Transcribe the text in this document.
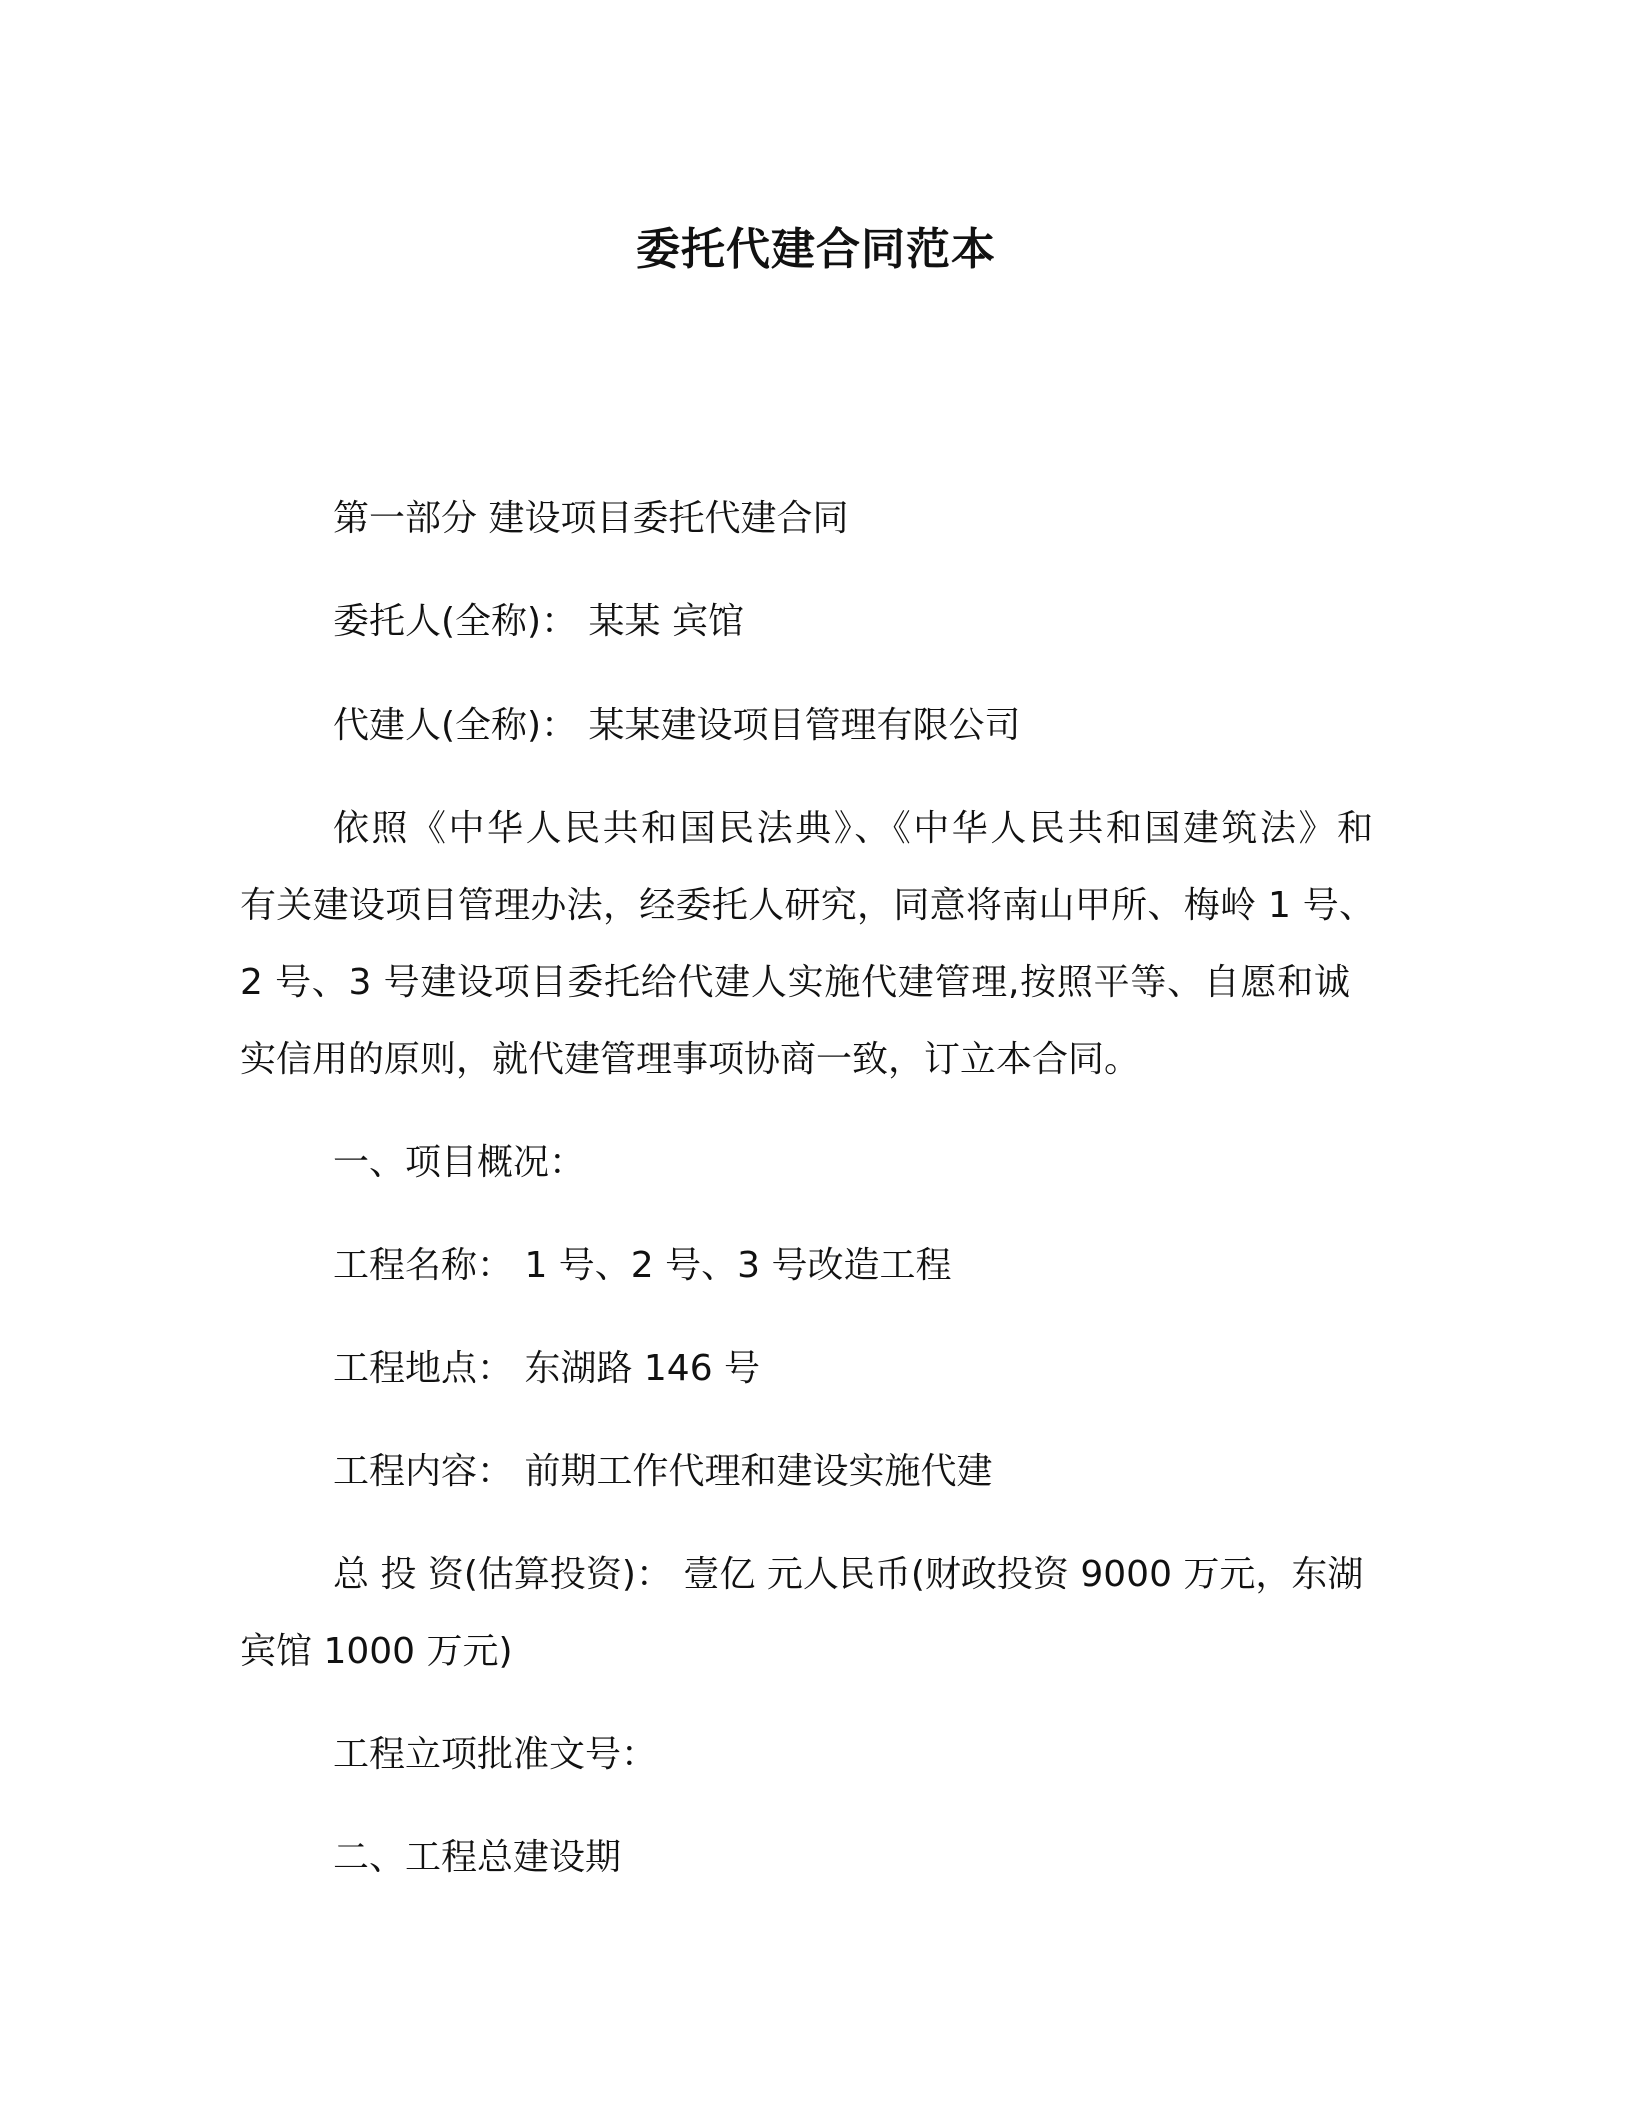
委托代建合同范本
第一部分 建设项目委托代建合同
委托人(全称)： 某某 宾馆
代建人(全称)： 某某建设项目管理有限公司
依照《中华人民共和国民法典》、《中华人民共和国建筑法》和
有关建设项目管理办法，经委托人研究，同意将南山甲所、梅岭 1 号、
2 号、3 号建设项目委托给代建人实施代建管理,按照平等、自愿和诚
实信用的原则，就代建管理事项协商一致，订立本合同。
一、项目概况：
工程名称： 1 号、2 号、3 号改造工程
工程地点： 东湖路 146 号
工程内容： 前期工作代理和建设实施代建
总 投 资(估算投资)： 壹亿 元人民币(财政投资 9000 万元，东湖
宾馆 1000 万元)
工程立项批准文号：
二、工程总建设期
